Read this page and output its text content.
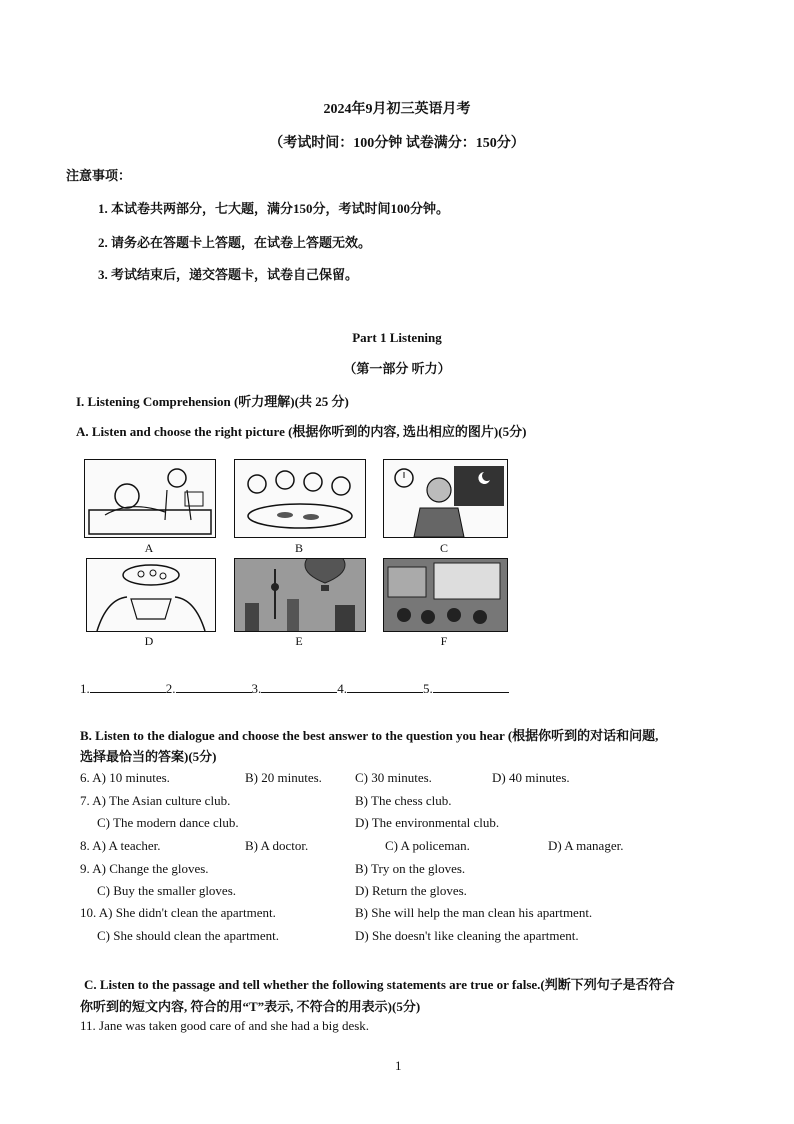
2024年9月初三英语月考
（考试时间：100分钟 试卷满分：150分）
注意事项：
1. 本试卷共两部分，七大题，满分150分，考试时间100分钟。
2. 请务必在答题卡上答题，在试卷上答题无效。
3. 考试结束后，递交答题卡，试卷自己保留。
Part 1 Listening
（第一部分 听力）
I. Listening Comprehension (听力理解)(共 25 分)
A. Listen and choose the right picture (根据你听到的内容, 选出相应的图片)(5分)
A	B	C
D	E	F
1.	2.	3.	4.	5.
B. Listen to the dialogue and choose the best answer to the question you hear (根据你听到的对话和问题,
选择最恰当的答案)(5分)
6. A) 10 minutes.	B) 20 minutes.	C) 30 minutes.	D) 40 minutes.
7. A) The Asian culture club.	B) The chess club.
C) The modern dance club.	D) The environmental club.
8. A) A teacher.	B) A doctor.	C) A policeman.	D) A manager.
9. A) Change the gloves.	B) Try on the gloves.
C) Buy the smaller gloves.	D) Return the gloves.
10. A) She didn't clean the apartment.	B) She will help the man clean his apartment.
C) She should clean the apartment.	D) She doesn't like cleaning the apartment.
C. Listen to the passage and tell whether the following statements are true or false.(判断下列句子是否符合
你听到的短文内容, 符合的用“T”表示, 不符合的用表示)(5分)
11. Jane was taken good care of and she had a big desk.
1
